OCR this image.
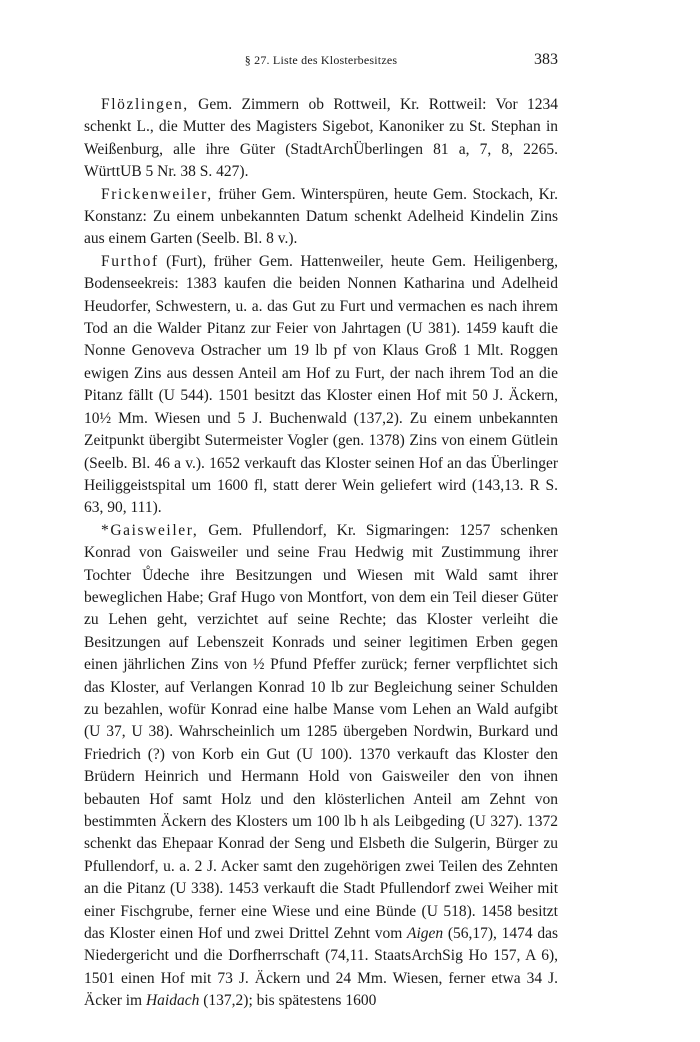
§ 27. Liste des Klosterbesitzes	383

Flözlingen, Gem. Zimmern ob Rottweil, Kr. Rottweil: Vor 1234 schenkt L., die Mutter des Magisters Sigebot, Kanoniker zu St. Stephan in Weißenburg, alle ihre Güter (StadtArchÜberlingen 81 a, 7, 8, 2265. WürttUB 5 Nr. 38 S. 427).

Frickenweiler, früher Gem. Winterspüren, heute Gem. Stockach, Kr. Konstanz: Zu einem unbekannten Datum schenkt Adelheid Kindelin Zins aus einem Garten (Seelb. Bl. 8 v.).

Furthof (Furt), früher Gem. Hattenweiler, heute Gem. Heiligenberg, Bodenseekreis: 1383 kaufen die beiden Nonnen Katharina und Adelheid Heudorfer, Schwestern, u. a. das Gut zu Furt und vermachen es nach ihrem Tod an die Walder Pitanz zur Feier von Jahrtagen (U 381). 1459 kauft die Nonne Genoveva Ostracher um 19 lb pf von Klaus Groß 1 Mlt. Roggen ewigen Zins aus dessen Anteil am Hof zu Furt, der nach ihrem Tod an die Pitanz fällt (U 544). 1501 besitzt das Kloster einen Hof mit 50 J. Äckern, 10½ Mm. Wiesen und 5 J. Buchenwald (137,2). Zu einem unbekannten Zeitpunkt übergibt Sutermeister Vogler (gen. 1378) Zins von einem Gütlein (Seelb. Bl. 46 a v.). 1652 verkauft das Kloster seinen Hof an das Überlinger Heiliggeistspital um 1600 fl, statt derer Wein geliefert wird (143,13. R S. 63, 90, 111).

*Gaisweiler, Gem. Pfullendorf, Kr. Sigmaringen: 1257 schenken Konrad von Gaisweiler und seine Frau Hedwig mit Zustimmung ihrer Tochter Ůdeche ihre Besitzungen und Wiesen mit Wald samt ihrer beweglichen Habe; Graf Hugo von Montfort, von dem ein Teil dieser Güter zu Lehen geht, verzichtet auf seine Rechte; das Kloster verleiht die Besitzungen auf Lebenszeit Konrads und seiner legitimen Erben gegen einen jährlichen Zins von ½ Pfund Pfeffer zurück; ferner verpflichtet sich das Kloster, auf Verlangen Konrad 10 lb zur Begleichung seiner Schulden zu bezahlen, wofür Konrad eine halbe Manse vom Lehen an Wald aufgibt (U 37, U 38). Wahrscheinlich um 1285 übergeben Nordwin, Burkard und Friedrich (?) von Korb ein Gut (U 100). 1370 verkauft das Kloster den Brüdern Heinrich und Hermann Hold von Gaisweiler den von ihnen bebauten Hof samt Holz und den klösterlichen Anteil am Zehnt von bestimmten Äckern des Klosters um 100 lb h als Leibgeding (U 327). 1372 schenkt das Ehepaar Konrad der Seng und Elsbeth die Sulgerin, Bürger zu Pfullendorf, u. a. 2 J. Acker samt den zugehörigen zwei Teilen des Zehnten an die Pitanz (U 338). 1453 verkauft die Stadt Pfullendorf zwei Weiher mit einer Fischgrube, ferner eine Wiese und eine Bünde (U 518). 1458 besitzt das Kloster einen Hof und zwei Drittel Zehnt vom Aigen (56,17), 1474 das Niedergericht und die Dorfherrschaft (74,11. StaatsArchSig Ho 157, A 6), 1501 einen Hof mit 73 J. Äckern und 24 Mm. Wiesen, ferner etwa 34 J. Äcker im Haidach (137,2); bis spätestens 1600
